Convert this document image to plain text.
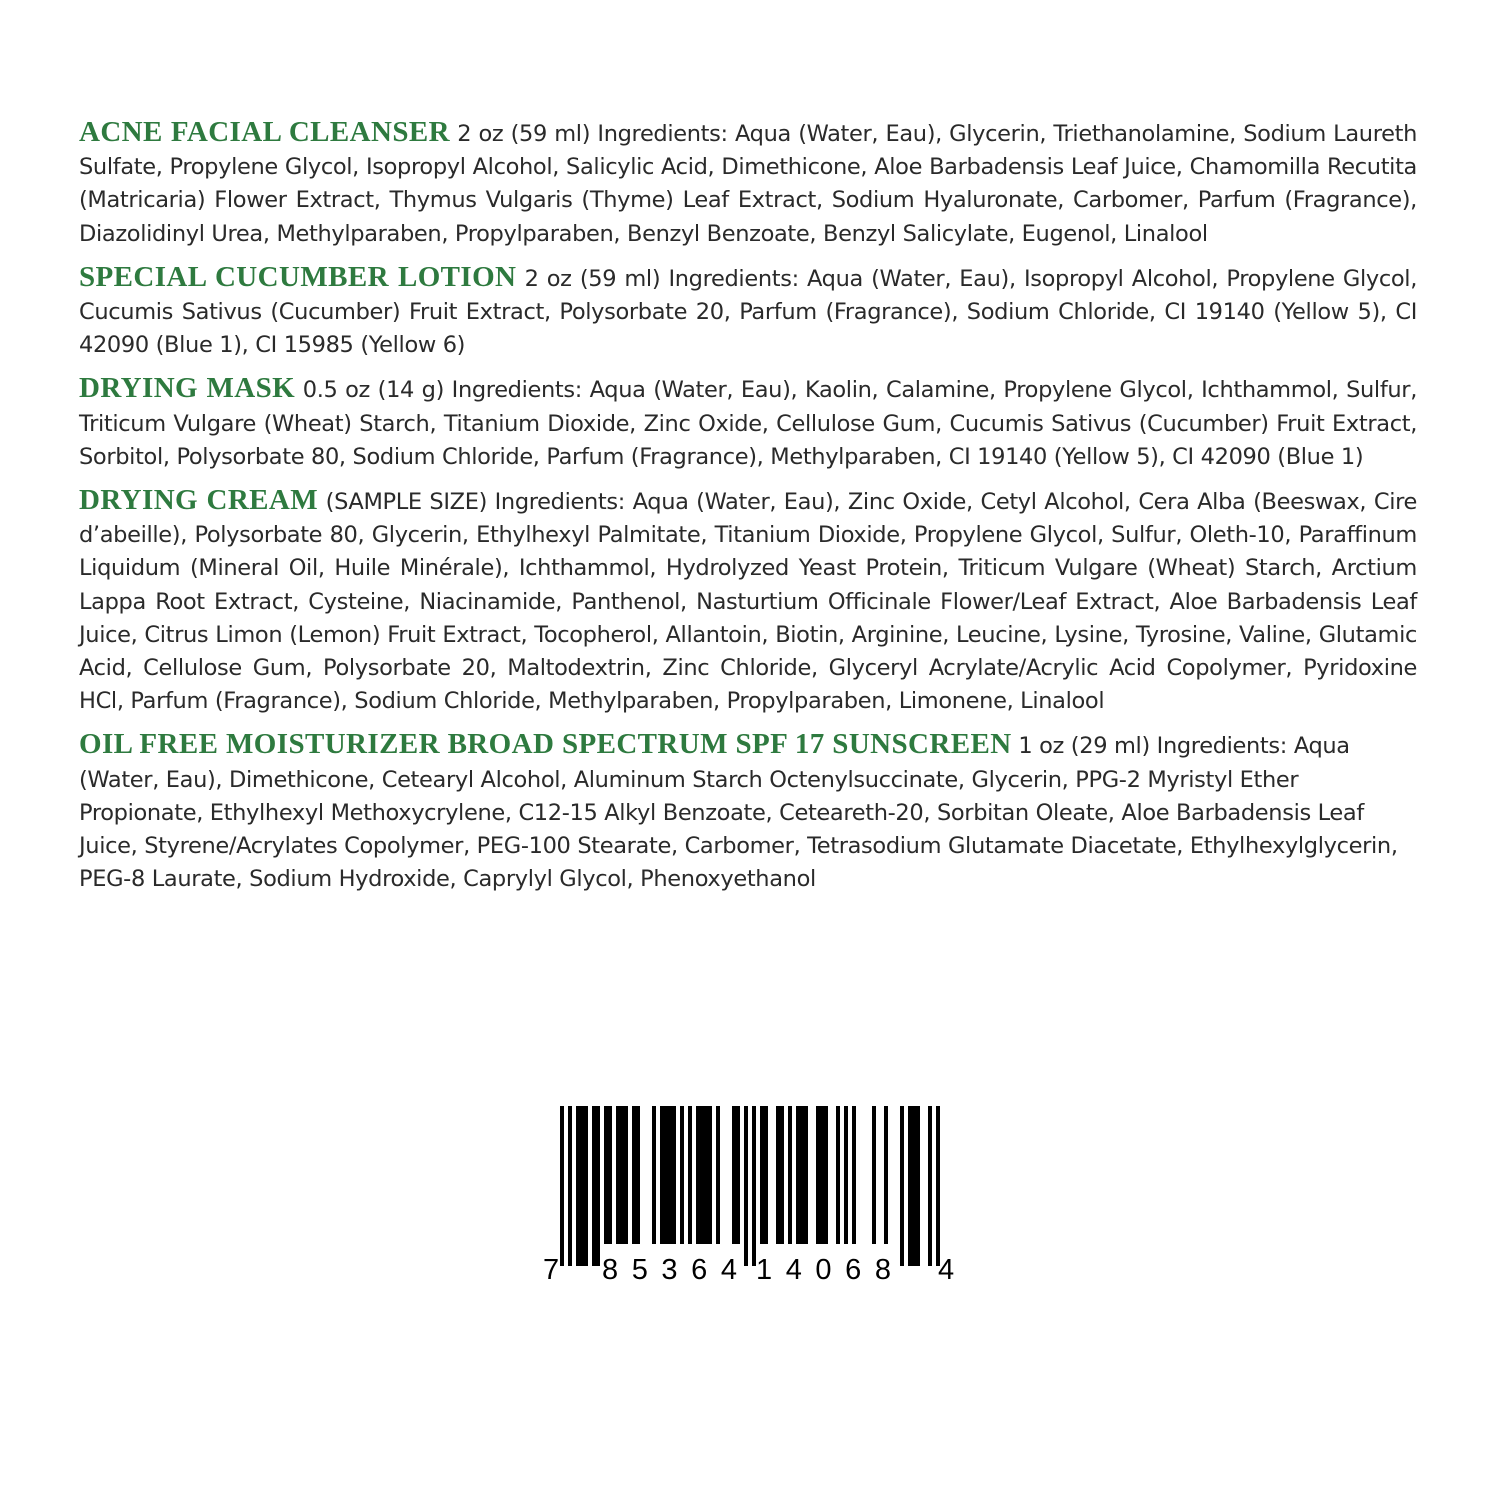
ACNE FACIAL CLEANSER 2 oz (59 ml) Ingredients: Aqua (Water, Eau), Glycerin, Triethanolamine, Sodium Laureth Sulfate, Propylene Glycol, Isopropyl Alcohol, Salicylic Acid, Dimethicone, Aloe Barbadensis Leaf Juice, Chamomilla Recutita (Matricaria) Flower Extract, Thymus Vulgaris (Thyme) Leaf Extract, Sodium Hyaluronate, Carbomer, Parfum (Fragrance), Diazolidinyl Urea, Methylparaben, Propylparaben, Benzyl Benzoate, Benzyl Salicylate, Eugenol, Linalool

SPECIAL CUCUMBER LOTION 2 oz (59 ml) Ingredients: Aqua (Water, Eau), Isopropyl Alcohol, Propylene Glycol, Cucumis Sativus (Cucumber) Fruit Extract, Polysorbate 20, Parfum (Fragrance), Sodium Chloride, CI 19140 (Yellow 5), CI 42090 (Blue 1), CI 15985 (Yellow 6)

DRYING MASK 0.5 oz (14 g) Ingredients: Aqua (Water, Eau), Kaolin, Calamine, Propylene Glycol, Ichthammol, Sulfur, Triticum Vulgare (Wheat) Starch, Titanium Dioxide, Zinc Oxide, Cellulose Gum, Cucumis Sativus (Cucumber) Fruit Extract, Sorbitol, Polysorbate 80, Sodium Chloride, Parfum (Fragrance), Methylparaben, CI 19140 (Yellow 5), CI 42090 (Blue 1)

DRYING CREAM (SAMPLE SIZE) Ingredients: Aqua (Water, Eau), Zinc Oxide, Cetyl Alcohol, Cera Alba (Beeswax, Cire d’abeille), Polysorbate 80, Glycerin, Ethylhexyl Palmitate, Titanium Dioxide, Propylene Glycol, Sulfur, Oleth-10, Paraffinum Liquidum (Mineral Oil, Huile Minérale), Ichthammol, Hydrolyzed Yeast Protein, Triticum Vulgare (Wheat) Starch, Arctium Lappa Root Extract, Cysteine, Niacinamide, Panthenol, Nasturtium Officinale Flower/Leaf Extract, Aloe Barbadensis Leaf Juice, Citrus Limon (Lemon) Fruit Extract, Tocopherol, Allantoin, Biotin, Arginine, Leucine, Lysine, Tyrosine, Valine, Glutamic Acid, Cellulose Gum, Polysorbate 20, Maltodextrin, Zinc Chloride, Glyceryl Acrylate/Acrylic Acid Copolymer, Pyridoxine HCl, Parfum (Fragrance), Sodium Chloride, Methylparaben, Propylparaben, Limonene, Linalool

OIL FREE MOISTURIZER BROAD SPECTRUM SPF 17 SUNSCREEN 1 oz (29 ml) Ingredients: Aqua (Water, Eau), Dimethicone, Cetearyl Alcohol, Aluminum Starch Octenylsuccinate, Glycerin, PPG-2 Myristyl Ether Propionate, Ethylhexyl Methoxycrylene, C12-15 Alkyl Benzoate, Ceteareth-20, Sorbitan Oleate, Aloe Barbadensis Leaf Juice, Styrene/Acrylates Copolymer, PEG-100 Stearate, Carbomer, Tetrasodium Glutamate Diacetate, Ethylhexylglycerin, PEG-8 Laurate, Sodium Hydroxide, Caprylyl Glycol, Phenoxyethanol

7 85364 14068 4
